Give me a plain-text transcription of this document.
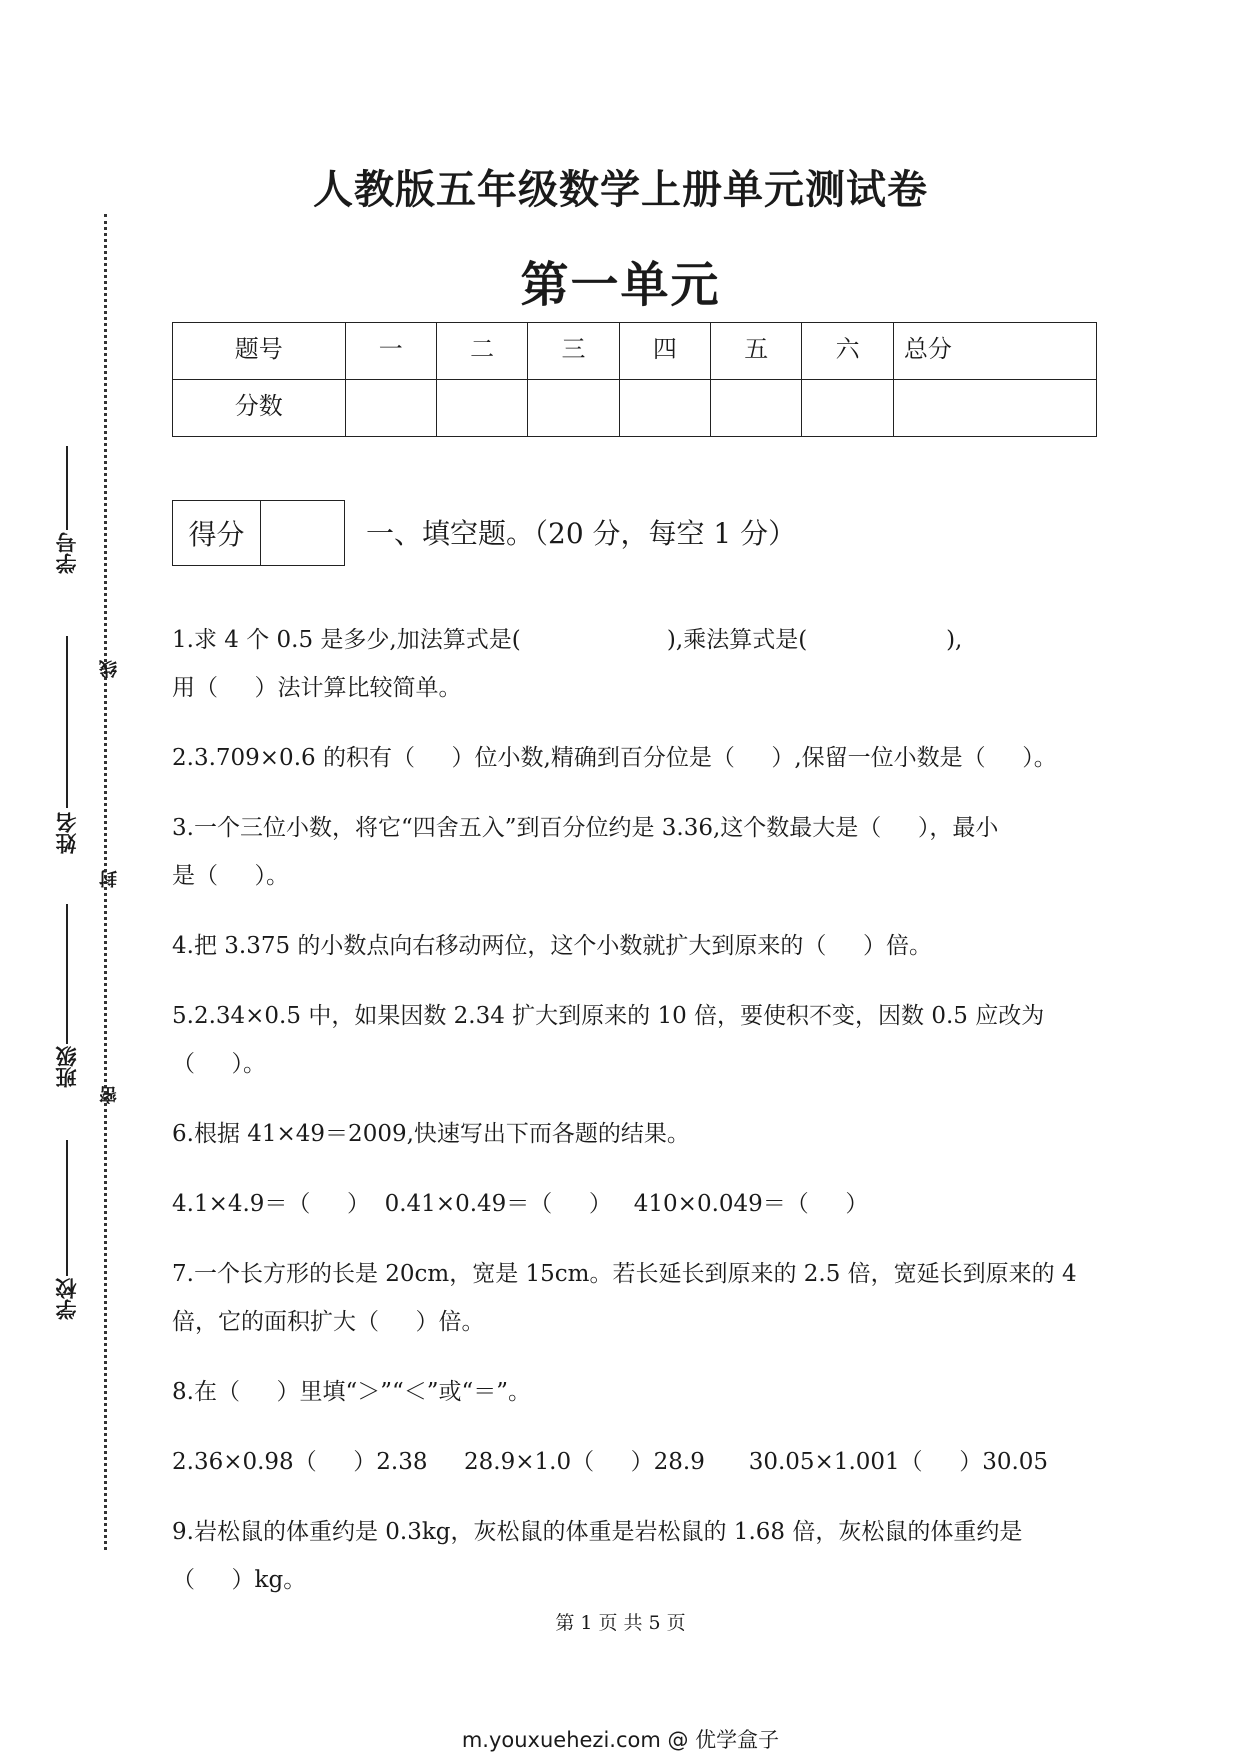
人教版五年级数学上册单元测试卷
第一单元
题号	一	二	三	四	五	六	总分
分数							
学号
姓名
班级
学校
线
封
密
得分	一、填空题。（20 分，每空 1 分）
1.求 4 个 0.5 是多少,加法算式是(                    ),乘法算式是(                   ),
用（     ）法计算比较简单。
2.3.709×0.6 的积有（     ）位小数,精确到百分位是（     ）,保留一位小数是（     ）。
3.一个三位小数，将它“四舍五入”到百分位约是 3.36,这个数最大是（     ），最小
是（     ）。
4.把 3.375 的小数点向右移动两位，这个小数就扩大到原来的（     ）倍。
5.2.34×0.5 中，如果因数 2.34 扩大到原来的 10 倍，要使积不变，因数 0.5 应改为
（     ）。
6.根据 41×49＝2009,快速写出下而各题的结果。
4.1×4.9＝（     ）  0.41×0.49＝（     ）   410×0.049＝（     ）
7.一个长方形的长是 20cm，宽是 15cm。若长延长到原来的 2.5 倍，宽延长到原来的 4
倍，它的面积扩大（     ）倍。
8.在（     ）里填“＞”“＜”或“＝”。
2.36×0.98（     ）2.38     28.9×1.0（     ）28.9      30.05×1.001（     ）30.05
9.岩松鼠的体重约是 0.3kg，灰松鼠的体重是岩松鼠的 1.68 倍，灰松鼠的体重约是
（     ）kg。
第 1 页 共 5 页
m.youxuehezi.com @ 优学盒子
